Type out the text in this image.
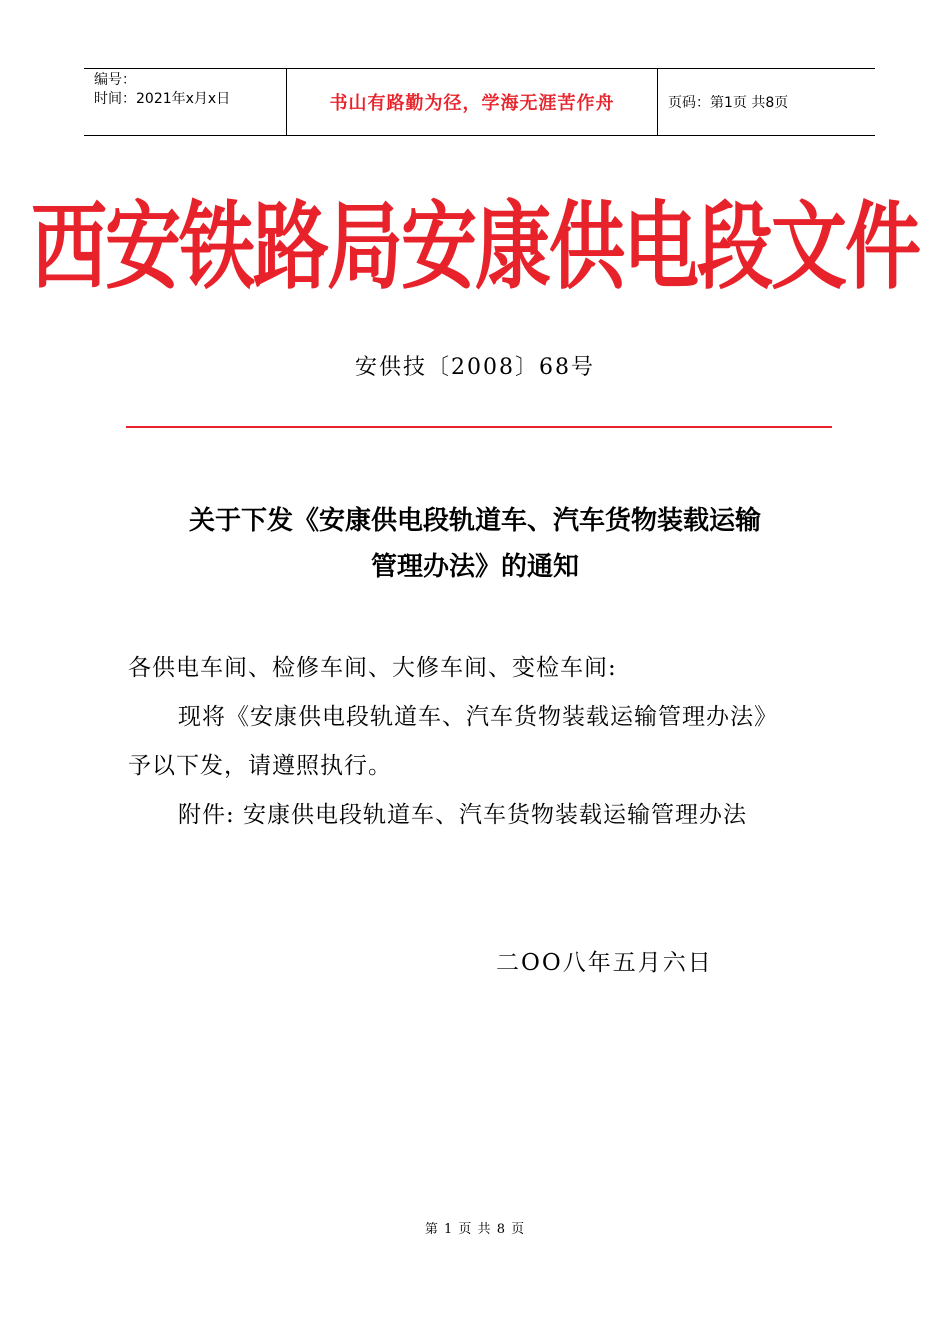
编号：
时间：2021年x月x日	书山有路勤为径，学海无涯苦作舟	页码：第1页 共8页
西安铁路局安康供电段文件
安供技〔2008〕68号
关于下发《安康供电段轨道车、汽车货物装载运输
管理办法》的通知

各供电车间、检修车间、大修车间、变检车间:

现将《安康供电段轨道车、汽车货物装载运输管理办法》

予以下发，请遵照执行。

附件: 安康供电段轨道车、汽车货物装载运输管理办法

二OO八年五月六日
第 1 页 共 8 页
